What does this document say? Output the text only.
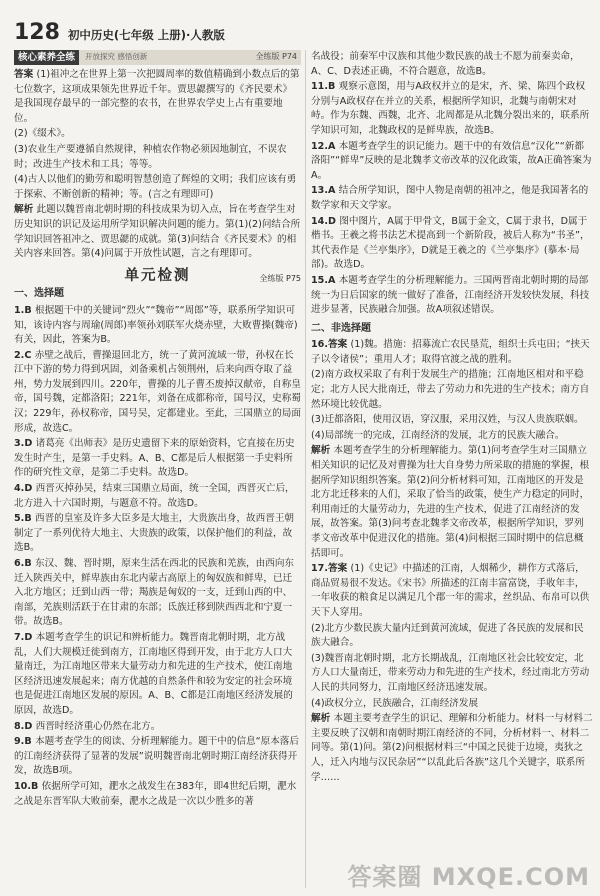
128 初中历史(七年级 上册)·人教版
核心素养全练	开放探究 感悟创新	全练版 P74
答案 (1)祖冲之在世界上第一次把圆周率的数值精确到小数点后的第七位数字，这项成果领先世界近千年。贾思勰撰写的《齐民要术》是我国现存最早的一部完整的农书，在世界农学史上占有重要地位。
(2)《缀术》。
(3)农业生产要遵循自然规律，种植农作物必须因地制宜，不误农时；改进生产技术和工具；等等。
(4)古人以他们的勤劳和聪明智慧创造了辉煌的文明；我们应该有勇于探索、不断创新的精神；等。(言之有理即可)
解析 此题以魏晋南北朝时期的科技成果为切入点，旨在考查学生对历史知识的识记及运用所学知识解决问题的能力。第(1)(2)问结合所学知识回答祖冲之、贾思勰的成就。第(3)问结合《齐民要术》的相关内容来回答。第(4)问属于开放性试题，言之有理即可。
单元检测	全练版 P75
一、选择题
1.B 根据题干中的关键词“烈火”“魏帝”“周郎”等，联系所学知识可知，该诗内容与周瑜(周郎)率领孙刘联军火烧赤壁，大败曹操(魏帝)有关，因此，答案为B。
2.C 赤壁之战后，曹操退回北方，统一了黄河流域一带，孙权在长江中下游的势力得到巩固，刘备乘机占领荆州，后来向西夺取了益州，势力发展到四川。220年，曹操的儿子曹丕废掉汉献帝，自称皇帝，国号魏，定都洛阳；221年，刘备在成都称帝，国号汉，史称蜀汉；229年，孙权称帝，国号吴，定都建业。至此，三国鼎立的局面形成，故选C。
3.D 诸葛亮《出师表》是历史遗留下来的原始资料，它直接在历史发生时产生，是第一手史料。A、B、C都是后人根据第一手史料所作的研究性文章，是第二手史料。故选D。
4.D 西晋灭掉孙吴，结束三国鼎立局面，统一全国，西晋灭亡后，北方进入十六国时期，与题意不符。故选D。
5.B 西晋的皇室及许多大臣多是大地主，大贵族出身，故西晋王朝制定了一系列优待大地主、大贵族的政策，以保护他们的利益，故选B。
6.B 东汉、魏、晋时期，原来生活在西北的民族和羌族，由西向东迁入陕西关中，鲜卑族由东北内蒙古高原上的匈奴族和鲜卑，已迁入北方地区；迁到山西一带；羯族是匈奴的一支，迁到山西的中、南部，羌族则活跃于在甘肃的东部；氐族迁移到陕西西北和宁夏一带。故选B。
7.D 本题考查学生的识记和辨析能力。魏晋南北朝时期，北方战乱，人们大规模迁徙到南方，江南地区得到开发，由于北方人口大量南迁，为江南地区带来大量劳动力和先进的生产技术，使江南地区经济迅速发展起来；南方优越的自然条件和较为安定的社会环境也是促进江南地区发展的原因。A、B、C都是江南地区经济发展的原因，故选D。
8.D 西晋时经济重心仍然在北方。
9.B 本题考查学生的阅读、分析理解能力。题干中的信息“原本落后的江南经济获得了显著的发展”说明魏晋南北朝时期江南经济获得开发，故选B项。
10.B 依据所学可知，淝水之战发生在383年，即4世纪后期，淝水之战是东晋军队大败前秦，淝水之战是一次以少胜多的著
名战役；前秦军中汉族和其他少数民族的战士不愿为前秦卖命，A、C、D表述正确，不符合题意，故选B。
11.B 观察示意图，用与A政权并立的是宋，齐、梁、陈四个政权分别与A政权存在并立的关系，根据所学知识，北魏与南朝宋对峙。作为东魏、西魏，北齐、北周都是从北魏分裂出来的，联系所学知识可知，北魏政权的是鲜卑族，故选B。
12.A 本题考查学生的识记能力。题干中的有效信息“汉化”“新都洛阳”“鲜卑”反映的是北魏孝文帝改革的汉化政策，故A正确答案为A。
13.A 结合所学知识，图中人物是南朝的祖冲之，他是我国著名的数学家和天文学家。
14.D 图中图片，A属于甲骨文，B属于金文，C属于隶书，D属于楷书。王羲之将书法艺术提高到一个新阶段，被后人称为“书圣”，其代表作是《兰亭集序》，D就是王羲之的《兰亭集序》(摹本·局部)。故选D。
15.A 本题考查学生的分析理解能力。三国两晋南北朝时期的局部统一为日后国家的统一做好了准备，江南经济开发较快发展，科技进步显著，民族融合加强。故A项叙述错误。
二、非选择题
16.答案 (1)魏。措施：招募流亡农民垦荒，组织士兵屯田；“挟天子以令诸侯”；重用人才；取得官渡之战的胜利。
(2)南方政权采取了有利于发展生产的措施；江南地区相对和平稳定；北方人民大批南迁，带去了劳动力和先进的生产技术；南方自然环境比较优越。
(3)迁都洛阳，使用汉语，穿汉服，采用汉姓，与汉人贵族联姻。
(4)局部统一的完成，江南经济的发展，北方的民族大融合。
解析 本题考查学生的分析理解能力。第(1)问考查学生对三国鼎立相关知识的记忆及对曹操为壮大自身势力所采取的措施的掌握，根据所学知识组织答案。第(2)问分析材料可知，江南地区的开发是北方北迁移来的人们，采取了恰当的政策，使生产力稳定的同时，利用南迁的大量劳动力，先进的生产技术，促进了江南经济的发展，故答案。第(3)问考查北魏孝文帝改革，根据所学知识，罗列孝文帝改革中促进汉化的措施。第(4)问根据三国时期中的信息概括即可。
17.答案 (1)《史记》中描述的江南，人烟稀少，耕作方式落后，商品贸易很不发达。《宋书》所描述的江南丰富富饶，手收年丰，一年收获的粮食足以满足几个郡一年的需求，丝织品、布帛可以供天下人穿用。
(2)北方少数民族大量内迁到黄河流域，促进了各民族的发展和民族大融合。
(3)魏晋南北朝时期，北方长期战乱，江南地区社会比较安定，北方人口大量南迁，带来劳动力和先进的生产技术，经过南北方劳动人民的共同努力，江南地区经济迅速发展。
(4)政权分立，民族融合，江南经济发展
解析 本题主要考查学生的识记、理解和分析能力。材料一与材料二主要反映了汉朝和南朝时期江南经济的不同，分析材料一、材料二同等。第(1)问。第(2)问根据材料三“中国之民徙于边境，夷狄之人，迁入内地与汉民杂居”“以乱此后各族”这几个关键字，联系所学……
答案圈 MXQE.COM
